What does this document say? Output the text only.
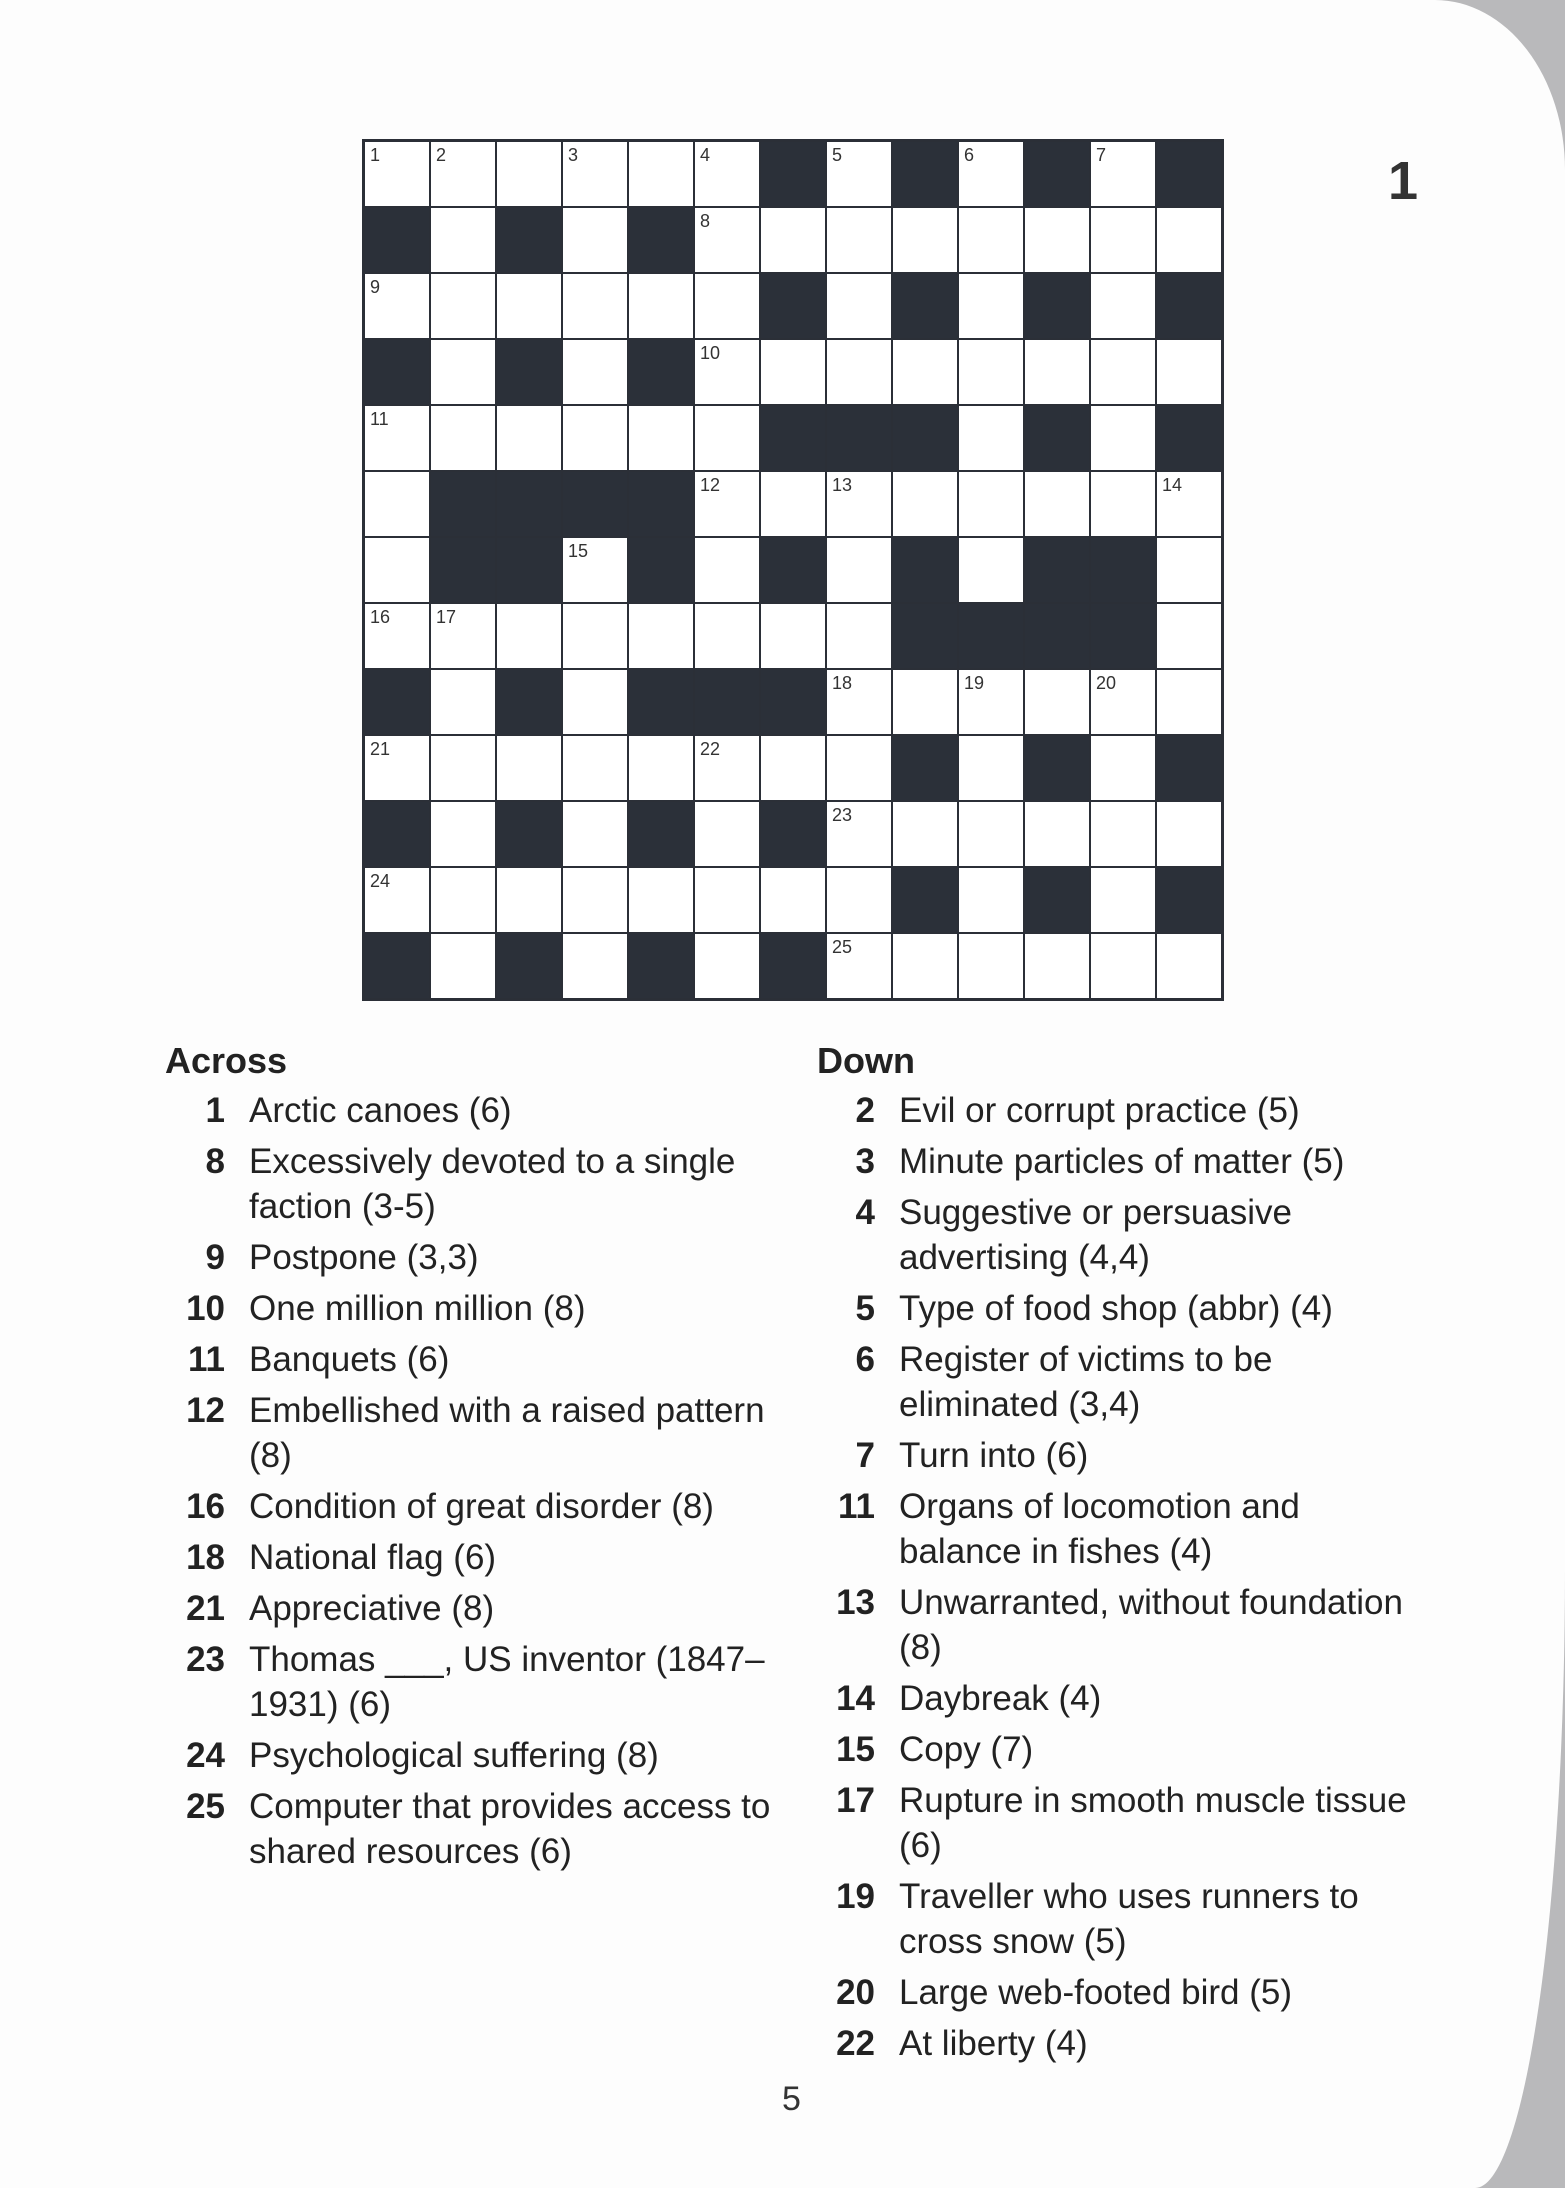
1
1	2	3	4	5	6	7
8
9
10
11
12	13	14
15
16	17
18	19	20
21	22
23
24
25
Across
1 Arctic canoes (6)
8 Excessively devoted to a single faction (3-5)
9 Postpone (3,3)
10 One million million (8)
11 Banquets (6)
12 Embellished with a raised pattern (8)
16 Condition of great disorder (8)
18 National flag (6)
21 Appreciative (8)
23 Thomas ___, US inventor (1847–1931) (6)
24 Psychological suffering (8)
25 Computer that provides access to shared resources (6)
Down
2 Evil or corrupt practice (5)
3 Minute particles of matter (5)
4 Suggestive or persuasive advertising (4,4)
5 Type of food shop (abbr) (4)
6 Register of victims to be eliminated (3,4)
7 Turn into (6)
11 Organs of locomotion and balance in fishes (4)
13 Unwarranted, without foundation (8)
14 Daybreak (4)
15 Copy (7)
17 Rupture in smooth muscle tissue (6)
19 Traveller who uses runners to cross snow (5)
20 Large web-footed bird (5)
22 At liberty (4)
5
